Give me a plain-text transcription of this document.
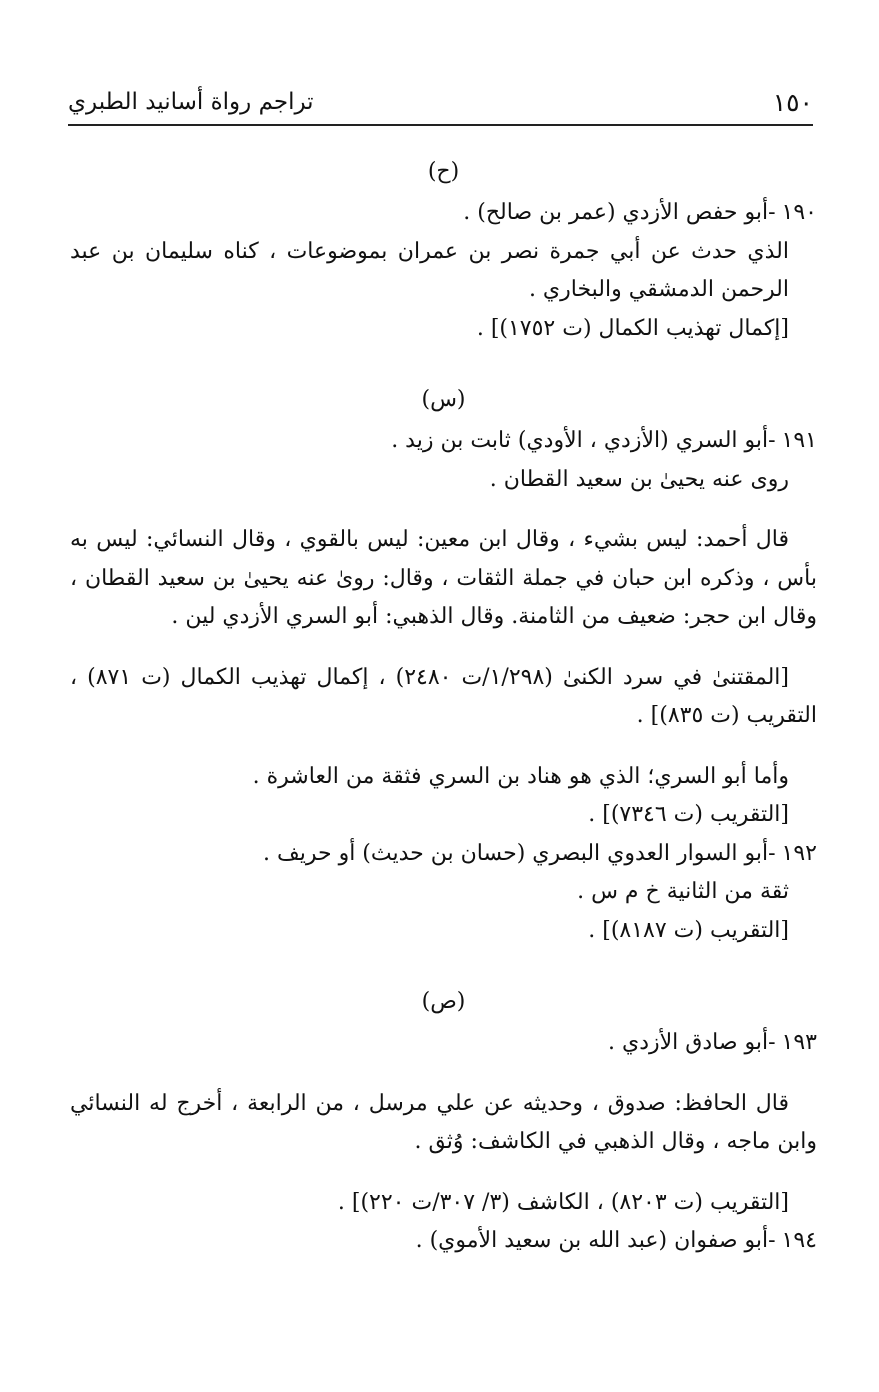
تراجم رواة أسانيد الطبري	١٥٠

(ح)

١٩٠-أبو حفص الأزدي (عمر بن صالح) .

الذي حدث عن أبي جمرة نصر بن عمران بموضوعات ، كناه سليمان بن عبد الرحمن الدمشقي والبخاري .

[إكمال تهذيب الكمال (ت ١٧٥٢)] .

(س)

١٩١-أبو السري (الأزدي ، الأودي) ثابت بن زيد .

روى عنه يحيىٰ بن سعيد القطان .

قال أحمد: ليس بشيء ، وقال ابن معين: ليس بالقوي ، وقال النسائي: ليس به بأس ، وذكره ابن حبان في جملة الثقات ، وقال: رویٰ عنه يحيىٰ بن سعيد القطان ، وقال ابن حجر: ضعيف من الثامنة. وقال الذهبي: أبو السري الأزدي لين .

[المقتنىٰ في سرد الكنىٰ (١/٢٩٨/ت ٢٤٨٠) ، إكمال تهذيب الكمال (ت ٨٧١) ، التقريب (ت ٨٣٥)] .

وأما أبو السري؛ الذي هو هناد بن السري فثقة من العاشرة .

[التقريب (ت ٧٣٤٦)] .

١٩٢-أبو السوار العدوي البصري (حسان بن حديث) أو حريف .

ثقة من الثانية خ م س .

[التقريب (ت ٨١٨٧)] .

(ص)

١٩٣-أبو صادق الأزدي .

قال الحافظ: صدوق ، وحديثه عن علي مرسل ، من الرابعة ، أخرج له النسائي وابن ماجه ، وقال الذهبي في الكاشف: وُثق .

[التقريب (ت ٨٢٠٣) ، الكاشف (٣/ ٣٠٧/ت ٢٢٠)] .

١٩٤-أبو صفوان (عبد الله بن سعيد الأموي) .
